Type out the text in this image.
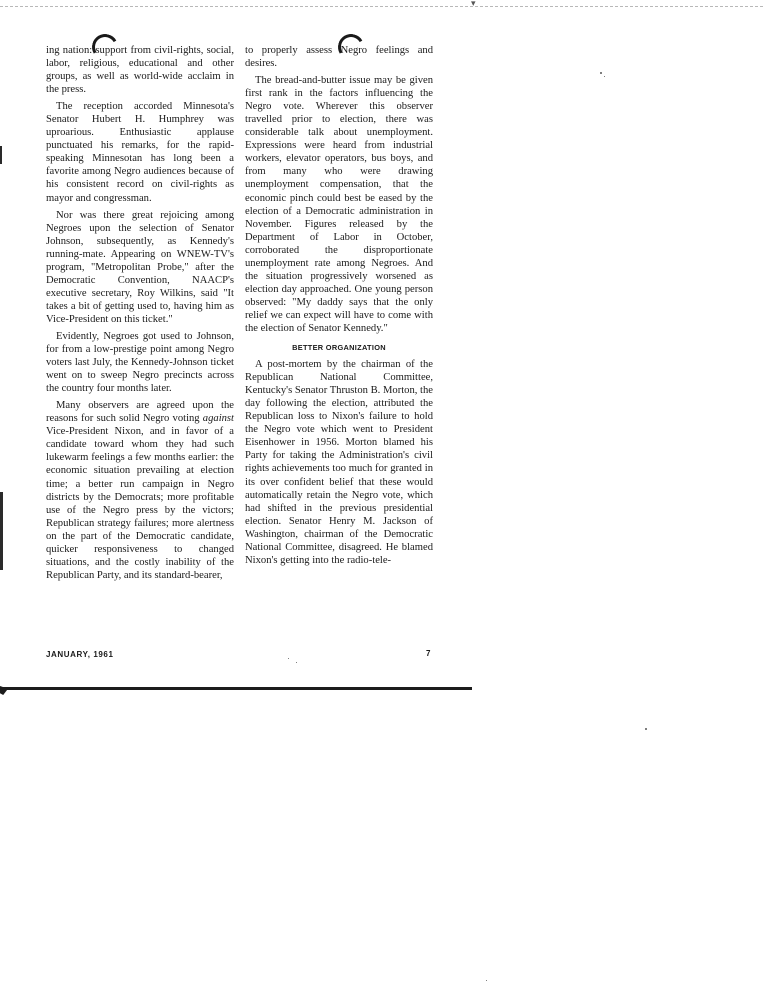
▾

ing nation: support from civil-rights, social, labor, religious, educational and other groups, as well as world-wide acclaim in the press.

The reception accorded Minnesota's Senator Hubert H. Humphrey was uproarious. Enthusiastic applause punctuated his remarks, for the rapid-speaking Minnesotan has long been a favorite among Negro audiences because of his consistent record on civil-rights as mayor and congressman.

Nor was there great rejoicing among Negroes upon the selection of Senator Johnson, subsequently, as Kennedy's running-mate. Appearing on WNEW-TV's program, "Metropolitan Probe," after the Democratic Convention, NAACP's executive secretary, Roy Wilkins, said "It takes a bit of getting used to, having him as Vice-President on this ticket."

Evidently, Negroes got used to Johnson, for from a low-prestige point among Negro voters last July, the Kennedy-Johnson ticket went on to sweep Negro precincts across the country four months later.

Many observers are agreed upon the reasons for such solid Negro voting against Vice-President Nixon, and in favor of a candidate toward whom they had such lukewarm feelings a few months earlier: the economic situation prevailing at election time; a better run campaign in Negro districts by the Democrats; more profitable use of the Negro press by the victors; Republican strategy failures; more alertness on the part of the Democratic candidate, quicker responsiveness to changed situations, and the costly inability of the Republican Party, and its standard-bearer,

to properly assess Negro feelings and desires.

The bread-and-butter issue may be given first rank in the factors influencing the Negro vote. Wherever this observer travelled prior to election, there was considerable talk about unemployment. Expressions were heard from industrial workers, elevator operators, bus boys, and from many who were drawing unemployment compensation, that the economic pinch could best be eased by the election of a Democratic administration in November. Figures released by the Department of Labor in October, corroborated the disproportionate unemployment rate among Negroes. And the situation progressively worsened as election day approached. One young person observed: "My daddy says that the only relief we can expect will have to come with the election of Senator Kennedy."

BETTER ORGANIZATION

A post-mortem by the chairman of the Republican National Committee, Kentucky's Senator Thruston B. Morton, the day following the election, attributed the Republican loss to Nixon's failure to hold the Negro vote which went to President Eisenhower in 1956. Morton blamed his Party for taking the Administration's civil rights achievements too much for granted in its over confident belief that these would automatically retain the Negro vote, which had shifted in the previous presidential election. Senator Henry M. Jackson of Washington, chairman of the Democratic National Committee, disagreed. He blamed Nixon's getting into the radio-tele-

JANUARY, 1961	7
